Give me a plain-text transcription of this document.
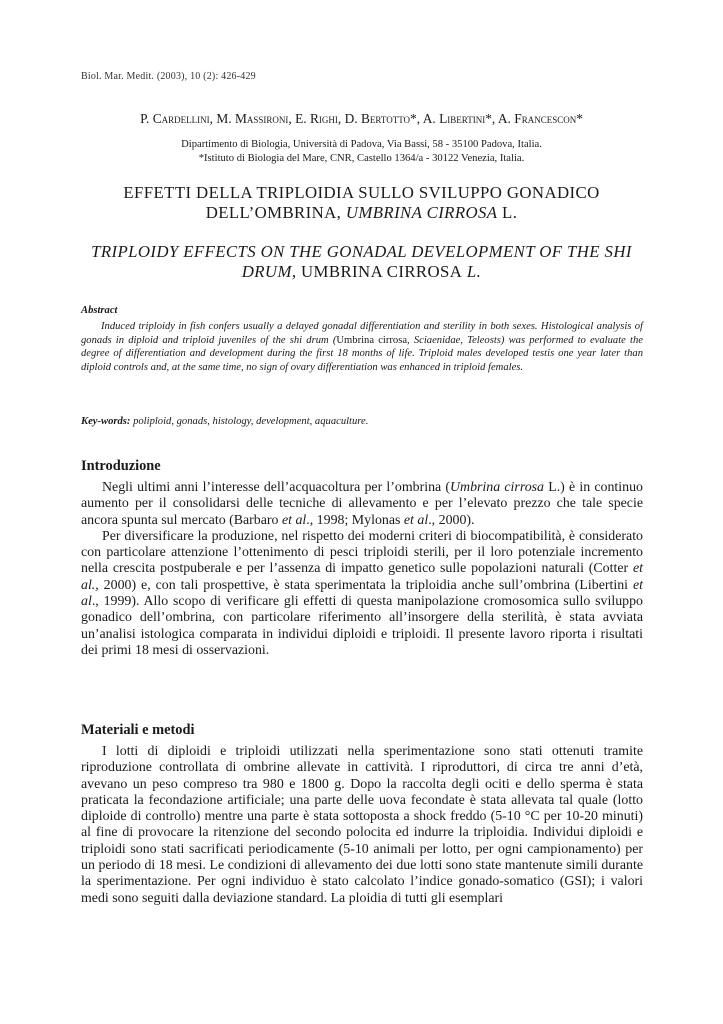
Biol. Mar. Medit. (2003), 10 (2): 426-429
P. Cardellini, M. Massironi, E. Righi, D. Bertotto*, A. Libertini*, A. Francescon*
Dipartimento di Biologia, Università di Padova, Via Bassi, 58 - 35100 Padova, Italia.
*Istituto di Biologia del Mare, CNR, Castello 1364/a - 30122 Venezia, Italia.
EFFETTI DELLA TRIPLOIDIA SULLO SVILUPPO GONADICO
DELL’OMBRINA, UMBRINA CIRROSA L.
TRIPLOIDY EFFECTS ON THE GONADAL DEVELOPMENT OF THE SHI
DRUM, UMBRINA CIRROSA L.
Abstract
Induced triploidy in fish confers usually a delayed gonadal differentiation and sterility in both sexes. Histological analysis of gonads in diploid and triploid juveniles of the shi drum (Umbrina cirrosa, Sciaenidae, Teleosts) was performed to evaluate the degree of differentiation and development during the first 18 months of life. Triploid males developed testis one year later than diploid controls and, at the same time, no sign of ovary differentiation was enhanced in triploid females.
Key-words: poliploid, gonads, histology, development, aquaculture.
Introduzione

Negli ultimi anni l’interesse dell’acquacoltura per l’ombrina (Umbrina cirrosa L.) è in continuo aumento per il consolidarsi delle tecniche di allevamento e per l’elevato prezzo che tale specie ancora spunta sul mercato (Barbaro et al., 1998; Mylonas et al., 2000).

Per diversificare la produzione, nel rispetto dei moderni criteri di biocompatibilità, è considerato con particolare attenzione l’ottenimento di pesci triploidi sterili, per il loro potenziale incremento nella crescita postpuberale e per l’assenza di impatto genetico sulle popolazioni naturali (Cotter et al., 2000) e, con tali prospettive, è stata sperimentata la triploidia anche sull’ombrina (Libertini et al., 1999). Allo scopo di verificare gli effetti di questa manipolazione cromosomica sullo sviluppo gonadico dell’ombrina, con particolare riferimento all’insorgere della sterilità, è stata avviata un’analisi istologica comparata in individui diploidi e triploidi. Il presente lavoro riporta i risultati dei primi 18 mesi di osservazioni.

Materiali e metodi

I lotti di diploidi e triploidi utilizzati nella sperimentazione sono stati ottenuti tramite riproduzione controllata di ombrine allevate in cattività. I riproduttori, di circa tre anni d’età, avevano un peso compreso tra 980 e 1800 g. Dopo la raccolta degli ociti e dello sperma è stata praticata la fecondazione artificiale; una parte delle uova fecondate è stata allevata tal quale (lotto diploide di controllo) mentre una parte è stata sottoposta a shock freddo (5-10 °C per 10-20 minuti) al fine di provocare la ritenzione del secondo polocita ed indurre la triploidia. Individui diploidi e triploidi sono stati sacrificati periodicamente (5-10 animali per lotto, per ogni campionamento) per un periodo di 18 mesi. Le condizioni di allevamento dei due lotti sono state mantenute simili durante la sperimentazione. Per ogni individuo è stato calcolato l’indice gonado-somatico (GSI); i valori medi sono seguiti dalla deviazione standard. La ploidia di tutti gli esemplari
